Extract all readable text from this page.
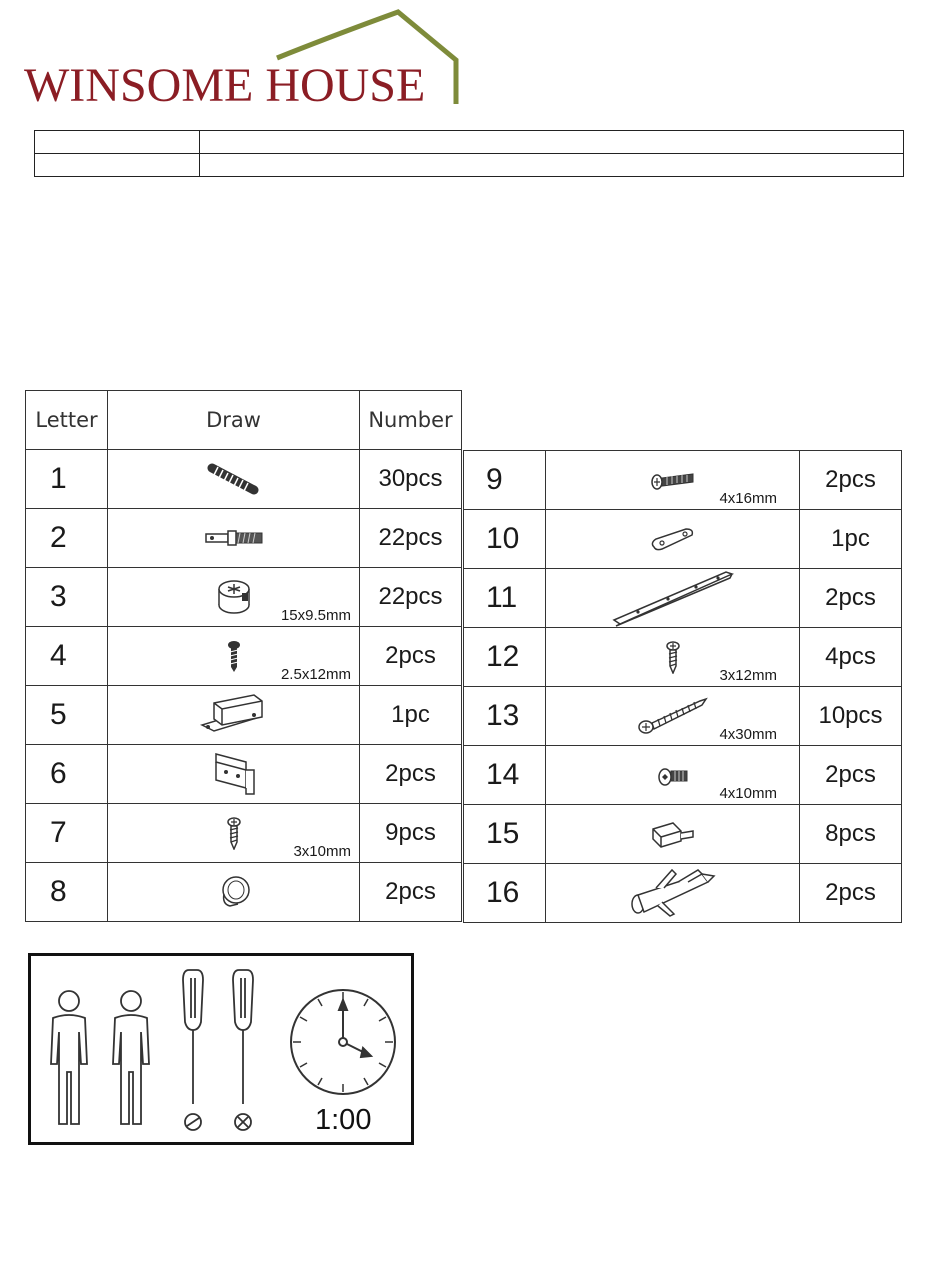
WINSOME HOUSE

Letter	Draw	Number
1		30pcs
2		22pcs
3	15x9.5mm	22pcs
4	2.5x12mm	2pcs
5		1pc
6		2pcs
7	3x10mm	9pcs
8		2pcs
9	4x16mm	2pcs
10		1pc
11		2pcs
12	3x12mm	4pcs
13	4x30mm	10pcs
14	4x10mm	2pcs
15		8pcs
16		2pcs
1:00
